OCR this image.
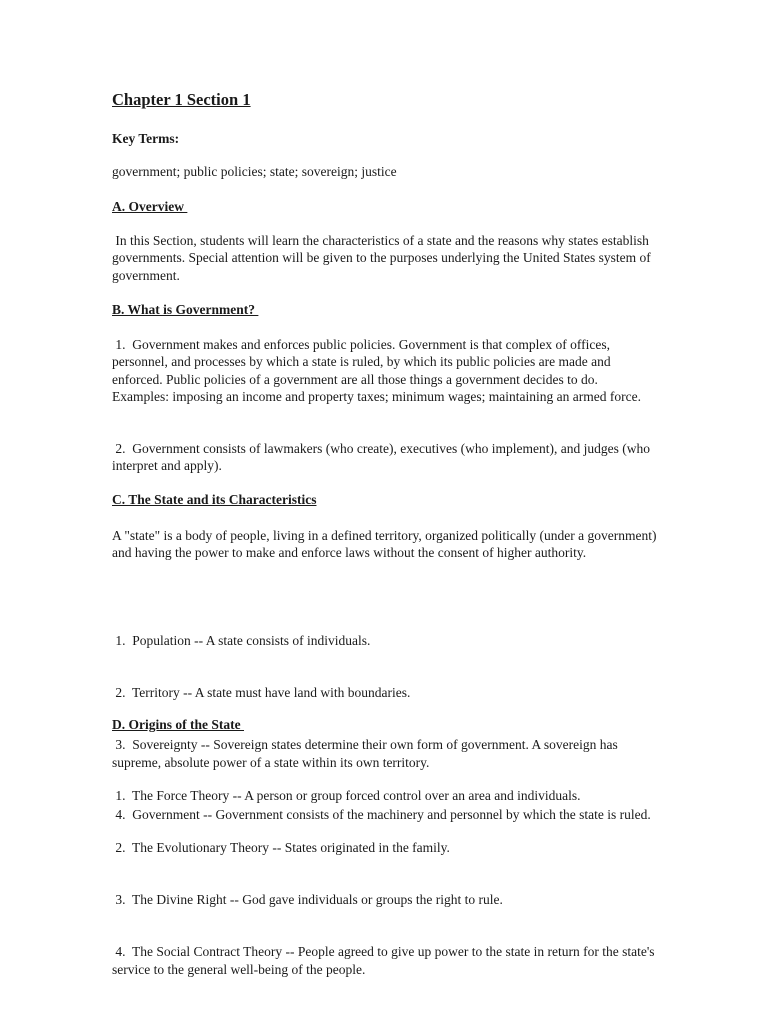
Chapter 1 Section 1
Key Terms:

government; public policies; state; sovereign; justice

A. Overview

In this Section, students will learn the characteristics of a state and the reasons why states establish governments. Special attention will be given to the purposes underlying the United States system of government.

B. What is Government?

1.  Government makes and enforces public policies. Government is that complex of offices, personnel, and processes by which a state is ruled, by which its public policies are made and enforced. Public policies of a government are all those things a government decides to do. Examples: imposing an income and property taxes; minimum wages; maintaining an armed force.

2.  Government consists of lawmakers (who create), executives (who implement), and judges (who interpret and apply).

C. The State and its Characteristics

A "state" is a body of people, living in a defined territory, organized politically (under a government) and having the power to make and enforce laws without the consent of higher authority.

1.  Population -- A state consists of individuals.

2.  Territory -- A state must have land with boundaries.

3.  Sovereignty -- Sovereign states determine their own form of government. A sovereign has supreme, absolute power of a state within its own territory.

4.  Government -- Government consists of the machinery and personnel by which the state is ruled.

D. Origins of the State

1.  The Force Theory -- A person or group forced control over an area and individuals.

2.  The Evolutionary Theory -- States originated in the family.

3.  The Divine Right -- God gave individuals or groups the right to rule.

4.  The Social Contract Theory -- People agreed to give up power to the state in return for the state's service to the general well-being of the people.
